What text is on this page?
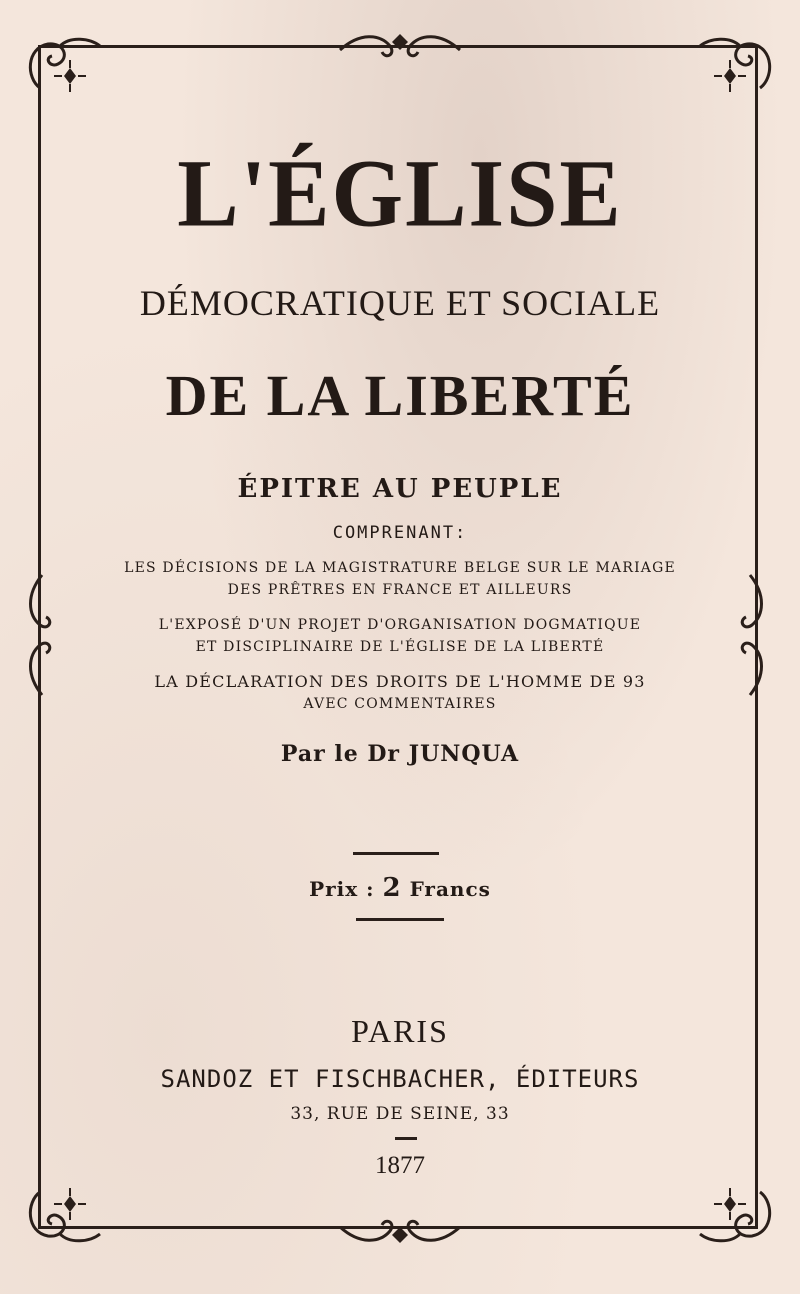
L'ÉGLISE
DÉMOCRATIQUE ET SOCIALE
DE LA LIBERTÉ
ÉPITRE AU PEUPLE
COMPRENANT:
LES DÉCISIONS DE LA MAGISTRATURE BELGE SUR LE MARIAGE
DES PRÊTRES EN FRANCE ET AILLEURS
L'EXPOSÉ D'UN PROJET D'ORGANISATION DOGMATIQUE
ET DISCIPLINAIRE DE L'ÉGLISE DE LA LIBERTÉ
LA DÉCLARATION DES DROITS DE L'HOMME DE 93
AVEC COMMENTAIRES
Par le Dr JUNQUA
Prix : 2 Francs
PARIS
SANDOZ ET FISCHBACHER, ÉDITEURS
33, RUE DE SEINE, 33
1877
